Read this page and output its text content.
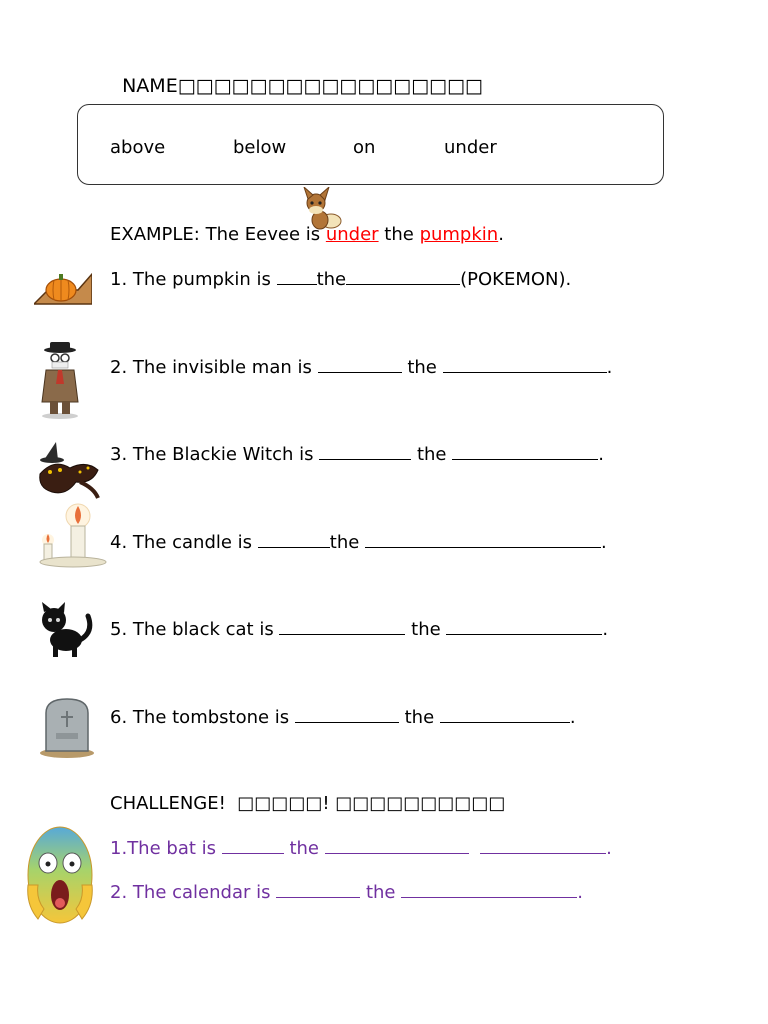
NAME□□□□□□□□□□□□□□□□□

above	below	on	under
EXAMPLE: The Eevee is under the pumpkin.
1. The pumpkin is the	(POKEMON).
2. The invisible man is	the	.
3. The Blackie Witch is	the	.
4. The candle is	the	.
5. The black cat is	the	.
6. The tombstone is	the	.
CHALLENGE!  □□□□□! □□□□□□□□□□
1.The bat is	the	.
2. The calendar is	the	.
